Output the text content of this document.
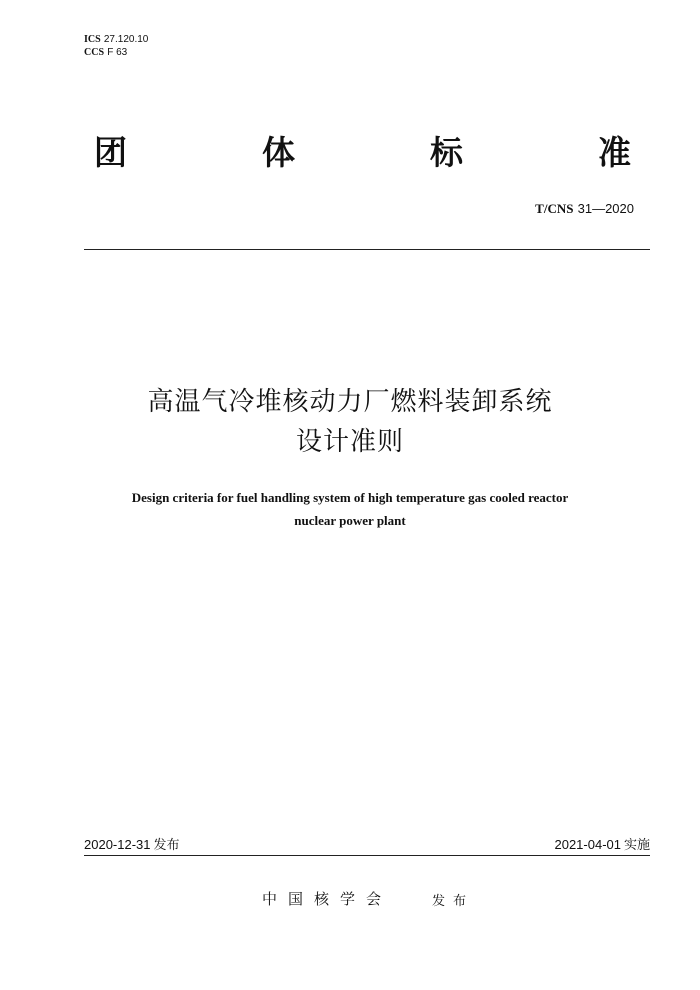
ICS 27.120.10
CCS F 63
团	体	标	准
T/CNS 31—2020
高温气冷堆核动力厂燃料装卸系统
设计准则
Design criteria for fuel handling system of high temperature gas cooled reactor
nuclear power plant
2020-12-31 发布	2021-04-01 实施
中国核学会	发布
